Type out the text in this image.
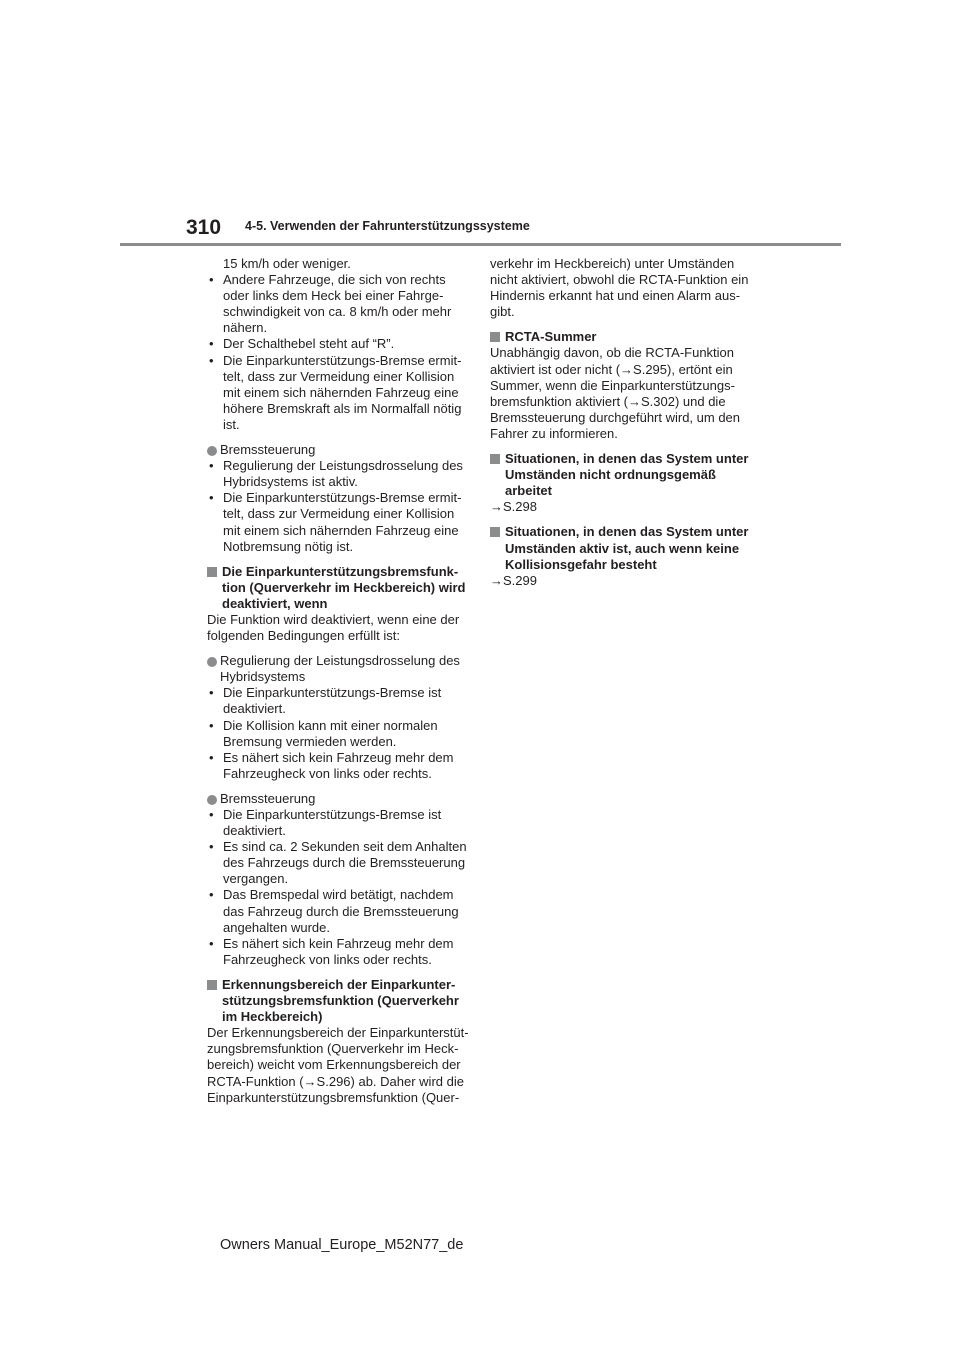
310 4-5. Verwenden der Fahrunterstützungssysteme
15 km/h oder weniger.
• Andere Fahrzeuge, die sich von rechts oder links dem Heck bei einer Fahrgeschwindigkeit von ca. 8 km/h oder mehr nähern.
• Der Schalthebel steht auf “R”.
• Die Einparkunterstützungs-Bremse ermittelt, dass zur Vermeidung einer Kollision mit einem sich nähernden Fahrzeug eine höhere Bremskraft als im Normalfall nötig ist.
Bremssteuerung
• Regulierung der Leistungsdrosselung des Hybridsystems ist aktiv.
• Die Einparkunterstützungs-Bremse ermittelt, dass zur Vermeidung einer Kollision mit einem sich nähernden Fahrzeug eine Notbremsung nötig ist.
Die Einparkunterstützungsbremsfunktion (Querverkehr im Heckbereich) wird deaktiviert, wenn
Die Funktion wird deaktiviert, wenn eine der folgenden Bedingungen erfüllt ist:
Regulierung der Leistungsdrosselung des Hybridsystems
• Die Einparkunterstützungs-Bremse ist deaktiviert.
• Die Kollision kann mit einer normalen Bremsung vermieden werden.
• Es nähert sich kein Fahrzeug mehr dem Fahrzeugheck von links oder rechts.
Bremssteuerung
• Die Einparkunterstützungs-Bremse ist deaktiviert.
• Es sind ca. 2 Sekunden seit dem Anhalten des Fahrzeugs durch die Bremssteuerung vergangen.
• Das Bremspedal wird betätigt, nachdem das Fahrzeug durch die Bremssteuerung angehalten wurde.
• Es nähert sich kein Fahrzeug mehr dem Fahrzeugheck von links oder rechts.
Erkennungsbereich der Einparkunterstützungsbremsfunktion (Querverkehr im Heckbereich)
Der Erkennungsbereich der Einparkunterstützungsbremsfunktion (Querverkehr im Heckbereich) weicht vom Erkennungsbereich der RCTA-Funktion (→S.296) ab. Daher wird die Einparkunterstützungsbremsfunktion (Quer-
verkehr im Heckbereich) unter Umständen nicht aktiviert, obwohl die RCTA-Funktion ein Hindernis erkannt hat und einen Alarm ausgibt.
RCTA-Summer
Unabhängig davon, ob die RCTA-Funktion aktiviert ist oder nicht (→S.295), ertönt ein Summer, wenn die Einparkunterstützungsbremsfunktion aktiviert (→S.302) und die Bremssteuerung durchgeführt wird, um den Fahrer zu informieren.
Situationen, in denen das System unter Umständen nicht ordnungsgemäß arbeitet
→S.298
Situationen, in denen das System unter Umständen aktiv ist, auch wenn keine Kollisionsgefahr besteht
→S.299
Owners Manual_Europe_M52N77_de
